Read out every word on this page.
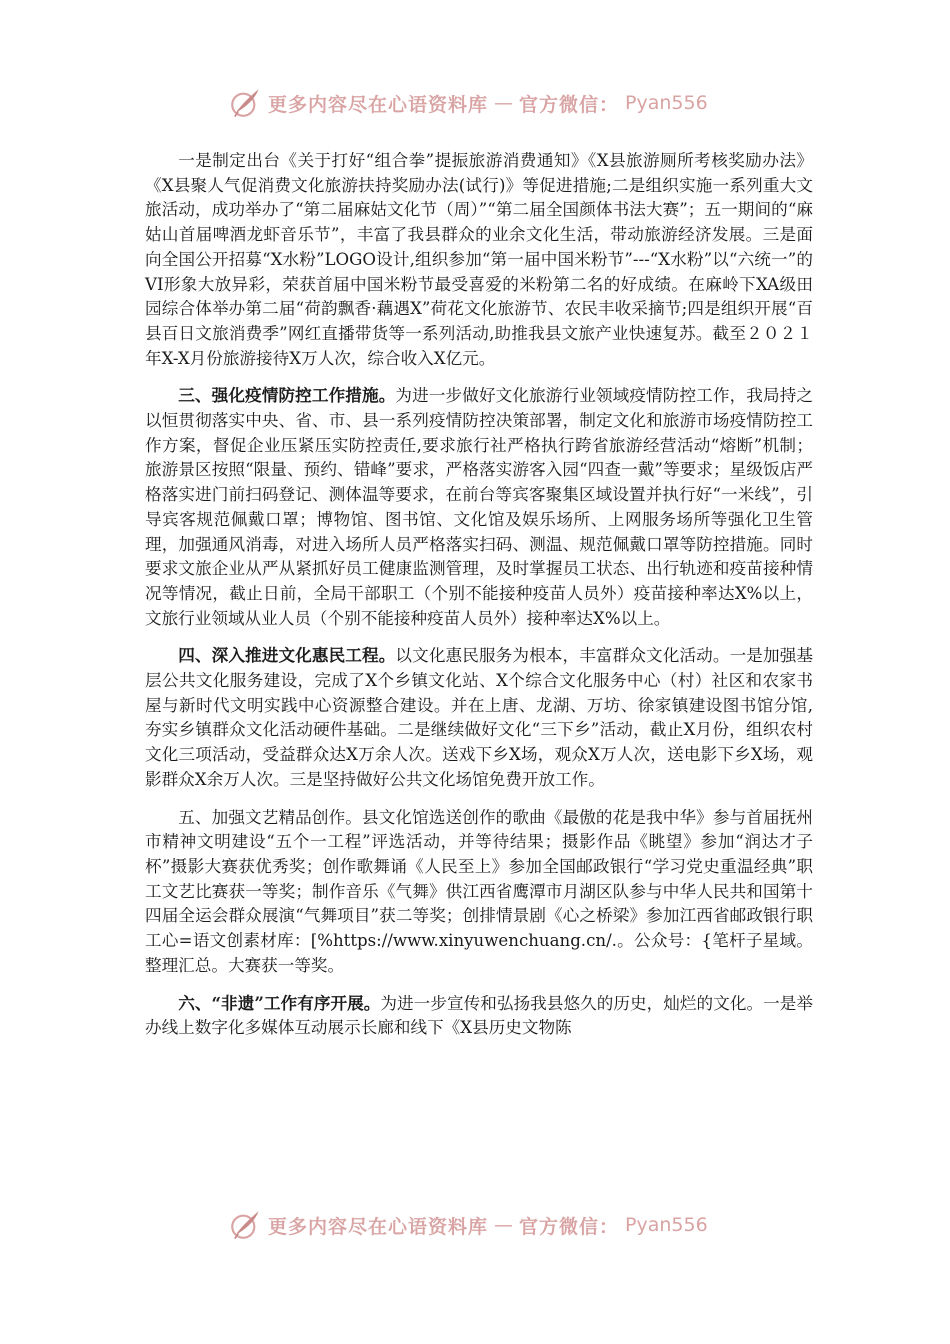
更多内容尽在心语资料库 — 官方微信： Pyan556

一是制定出台《关于打好“组合拳”提振旅游消费通知》《X县旅游厕所考核奖励办法》《X县聚人气促消费文化旅游扶持奖励办法(试行)》等促进措施;二是组织实施一系列重大文旅活动，成功举办了“第二届麻姑文化节（周）”“第二届全国颜体书法大赛”；五一期间的“麻姑山首届啤酒龙虾音乐节”，丰富了我县群众的业余文化生活，带动旅游经济发展。三是面向全国公开招募“X水粉”LOGO设计,组织参加“第一届中国米粉节”---“X水粉”以“六统一”的VI形象大放异彩，荣获首届中国米粉节最受喜爱的米粉第二名的好成绩。在麻岭下XA级田园综合体举办第二届“荷韵飘香·藕遇X”荷花文化旅游节、农民丰收采摘节;四是组织开展“百县百日文旅消费季”网红直播带货等一系列活动,助推我县文旅产业快速复苏。截至２０２１年X-X月份旅游接待X万人次，综合收入X亿元。

三、强化疫情防控工作措施。为进一步做好文化旅游行业领域疫情防控工作，我局持之以恒贯彻落实中央、省、市、县一系列疫情防控决策部署，制定文化和旅游市场疫情防控工作方案，督促企业压紧压实防控责任,要求旅行社严格执行跨省旅游经营活动“熔断”机制；旅游景区按照“限量、预约、错峰”要求，严格落实游客入园“四查一戴”等要求；星级饭店严格落实进门前扫码登记、测体温等要求，在前台等宾客聚集区域设置并执行好“一米线”，引导宾客规范佩戴口罩；博物馆、图书馆、文化馆及娱乐场所、上网服务场所等强化卫生管理，加强通风消毒，对进入场所人员严格落实扫码、测温、规范佩戴口罩等防控措施。同时要求文旅企业从严从紧抓好员工健康监测管理，及时掌握员工状态、出行轨迹和疫苗接种情况等情况，截止日前，全局干部职工（个别不能接种疫苗人员外）疫苗接种率达X%以上，文旅行业领域从业人员（个别不能接种疫苗人员外）接种率达X%以上。

四、深入推进文化惠民工程。以文化惠民服务为根本，丰富群众文化活动。一是加强基层公共文化服务建设，完成了X个乡镇文化站、X个综合文化服务中心（村）社区和农家书屋与新时代文明实践中心资源整合建设。并在上唐、龙湖、万坊、徐家镇建设图书馆分馆,夯实乡镇群众文化活动硬件基础。二是继续做好文化“三下乡”活动，截止X月份，组织农村文化三项活动，受益群众达X万余人次。送戏下乡X场，观众X万人次，送电影下乡X场，观影群众X余万人次。三是坚持做好公共文化场馆免费开放工作。

五、加强文艺精品创作。县文化馆选送创作的歌曲《最傲的花是我中华》参与首届抚州市精神文明建设“五个一工程”评选活动，并等待结果；摄影作品《眺望》参加“润达才子杯”摄影大赛获优秀奖；创作歌舞诵《人民至上》参加全国邮政银行“学习党史重温经典”职工文艺比赛获一等奖；制作音乐《气舞》供江西省鹰潭市月湖区队参与中华人民共和国第十四届全运会群众展演“气舞项目”获二等奖；创排情景剧《心之桥梁》参加江西省邮政银行职工心=语文创素材库：[%https://www.xinyuwenchuang.cn/.。公众号：{笔杆子星域。整理汇总。大赛获一等奖。

六、“非遗”工作有序开展。为进一步宣传和弘扬我县悠久的历史，灿烂的文化。一是举办线上数字化多媒体互动展示长廊和线下《X县历史文物陈

更多内容尽在心语资料库 — 官方微信： Pyan556
